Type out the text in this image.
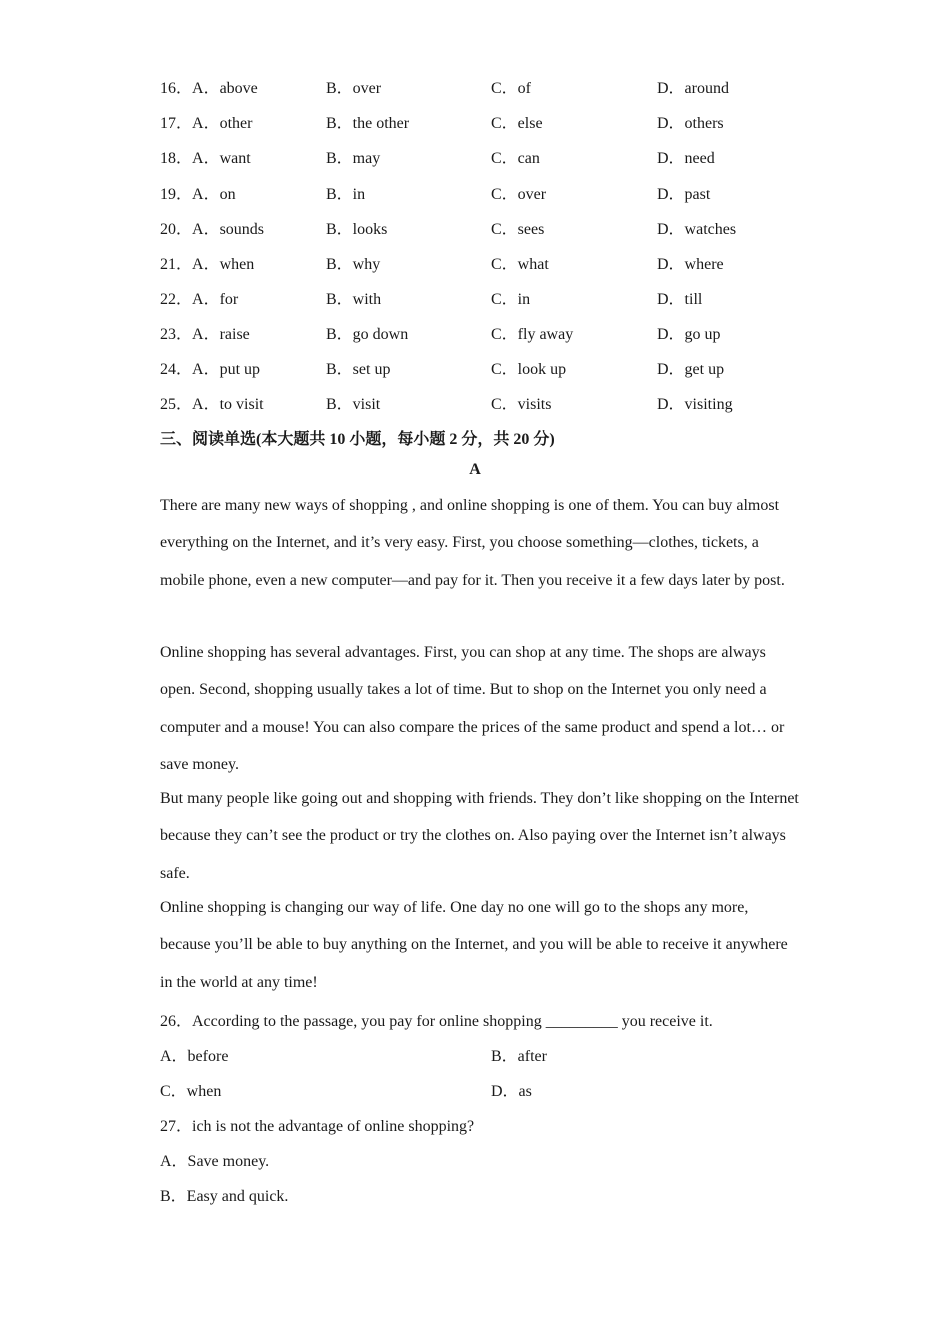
16．A．above	B．over	C．of	D．around
17．A．other	B．the other	C．else	D．others
18．A．want	B．may	C．can	D．need
19．A．on	B．in	C．over	D．past
20．A．sounds	B．looks	C．sees	D．watches
21．A．when	B．why	C．what	D．where
22．A．for	B．with	C．in	D．till
23．A．raise	B．go down	C．fly away	D．go up
24．A．put up	B．set up	C．look up	D．get up
25．A．to visit	B．visit	C．visits	D．visiting
三、阅读单选(本大题共 10 小题，每小题 2 分，共 20 分)
A
There are many new ways of shopping , and online shopping is one of them. You can buy almost everything on the Internet, and it’s very easy. First, you choose something—clothes, tickets, a mobile phone, even a new computer—and pay for it. Then you receive it a few days later by post.
Online shopping has several advantages. First, you can shop at any time. The shops are always open. Second, shopping usually takes a lot of time. But to shop on the Internet you only need a computer and a mouse! You can also compare the prices of the same product and spend a lot… or save money.
But many people like going out and shopping with friends. They don’t like shopping on the Internet because they can’t see the product or try the clothes on. Also paying over the Internet isn’t always safe.
Online shopping is changing our way of life. One day no one will go to the shops any more, because you’ll be able to buy anything on the Internet, and you will be able to receive it anywhere in the world at any time!
26．According to the passage, you pay for online shopping _________ you receive it.
A．before	B．after
C．when	D．as
27．ich is not the advantage of online shopping?
A．Save money.
B．Easy and quick.
